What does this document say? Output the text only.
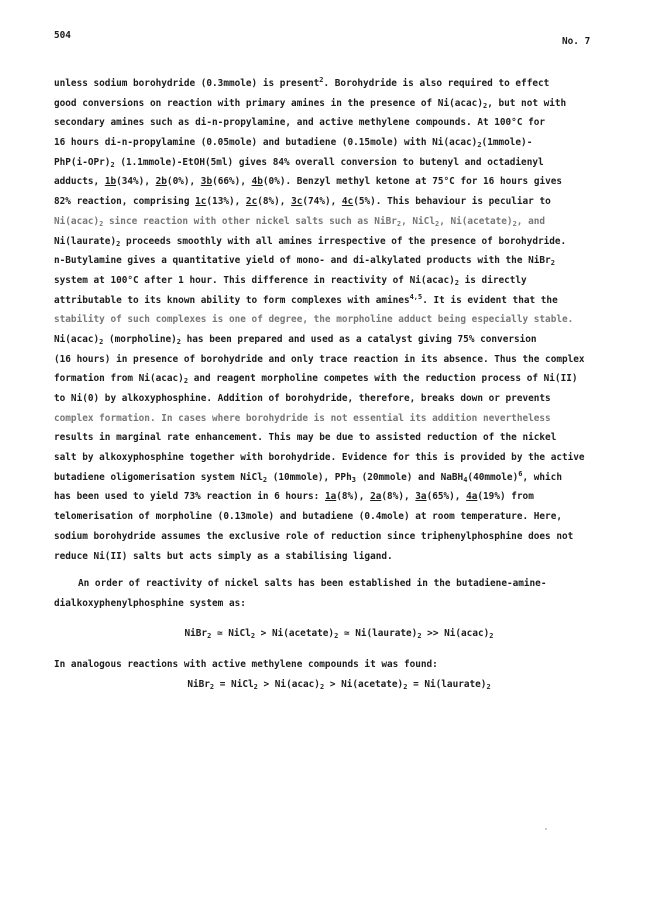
504
No. 7
unless sodium borohydride (0.3mmole) is present$^2$. Borohydride is also required to effect
good conversions on reaction with primary amines in the presence of $Ni(acac)_2$, but not with
secondary amines such as di-n-propylamine, and active methylene compounds. At 100°C for
16 hours di-n-propylamine (0.05mole) and butadiene (0.15mole) with $Ni(acac)_2(1mmole)-$
$PhP(i-OPr)_2$ (1.1mmole)-EtOH(5ml) gives 84% overall conversion to butenyl and octadienyl
adducts, 1b(34%), 2b(0%), 3b(66%), 4b(0%). Benzyl methyl ketone at 75°C for 16 hours gives
82% reaction, comprising 1c(13%), 2c(8%), 3c(74%), 4c(5%). This behaviour is peculiar to
$Ni(acac)_2$ since reaction with other nickel salts such as NiBr$_2$, NiCl$_2$, $Ni(acetate)_2$, and
$Ni(laurate)_2$ proceeds smoothly with all amines irrespective of the presence of borohydride.
n-Butylamine gives a quantitative yield of mono- and di-alkylated products with the NiBr$_2$
system at 100°C after 1 hour. This difference in reactivity of $Ni(acac)_2$ is directly
attributable to its known ability to form complexes with amines$^{4,5}$. It is evident that the
stability of such complexes is one of degree, the morpholine adduct being especially stable.
$Ni(acac)_2$ $(morpholine)_2$ has been prepared and used as a catalyst giving 75% conversion
(16 hours) in presence of borohydride and only trace reaction in its absence. Thus the complex
formation from $Ni(acac)_2$ and reagent morpholine competes with the reduction process of Ni(II)
to Ni(0) by alkoxyphosphine. Addition of borohydride, therefore, breaks down or prevents
complex formation. In cases where borohydride is not essential its addition nevertheless
results in marginal rate enhancement. This may be due to assisted reduction of the nickel
salt by alkoxyphosphine together with borohydride. Evidence for this is provided by the active
butadiene oligomerisation system NiCl$_2$ (10mmole), PPh$_3$ (20mmole) and NaBH$_4$(40mmole)$^6$, which
has been used to yield 73% reaction in 6 hours: 1a(8%), 2a(8%), 3a(65%), 4a(19%) from
telomerisation of morpholine (0.13mole) and butadiene (0.4mole) at room temperature. Here,
sodium borohydride assumes the exclusive role of reduction since triphenylphosphine does not
reduce Ni(II) salts but acts simply as a stabilising ligand.
An order of reactivity of nickel salts has been established in the butadiene-amine-
dialkoxyphenylphosphine system as:
NiBr$_2$ ≃ NiCl$_2$ > $Ni(acetate)_2$ ≃ $Ni(laurate)_2$ >> $Ni(acac)_2$
In analogous reactions with active methylene compounds it was found:
NiBr$_2$ = NiCl$_2$ > $Ni(acac)_2$ > $Ni(acetate)_2$ = $Ni(laurate)_2$
